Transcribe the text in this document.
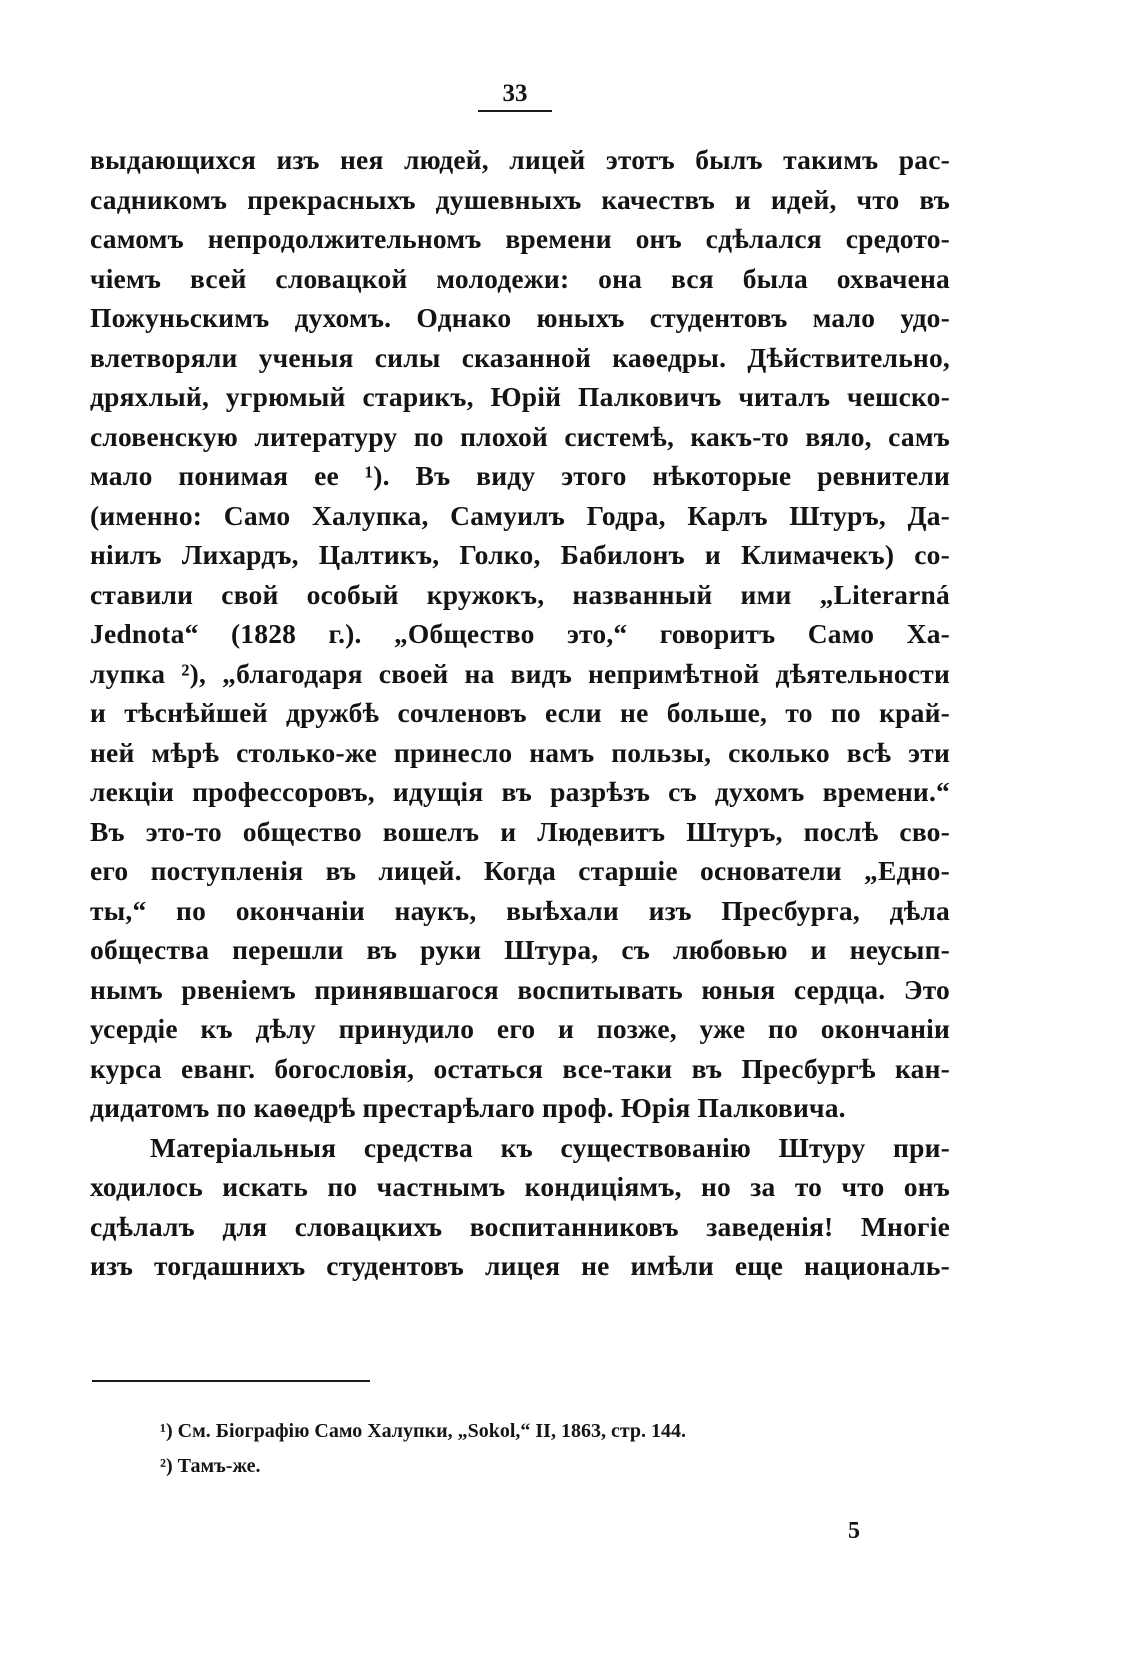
33
выдающихся изъ нея людей, лицей этотъ былъ такимъ рас-
садникомъ прекрасныхъ душевныхъ качествъ и идей, что въ
самомъ непродолжительномъ времени онъ сдѣлался средото-
чіемъ всей словацкой молодежи: она вся была охвачена
Пожуньскимъ духомъ. Однако юныхъ студентовъ мало удо-
влетворяли ученыя силы сказанной каѳедры. Дѣйствительно,
дряхлый, угрюмый старикъ, Юрій Палковичъ читалъ чешско-
словенскую литературу по плохой системѣ, какъ-то вяло, самъ
мало понимая ее ¹). Въ виду этого нѣкоторые ревнители
(именно: Само Халупка, Самуилъ Годра, Карлъ Штуръ, Да-
ніилъ Лихардъ, Цалтикъ, Голко, Бабилонъ и Климачекъ) со-
ставили свой особый кружокъ, названный ими „Literarná
Jednota“ (1828 г.). „Общество это,“ говоритъ Само Ха-
лупка ²), „благодаря своей на видъ непримѣтной дѣятельности
и тѣснѣйшей дружбѣ сочленовъ если не больше, то по край-
ней мѣрѣ столько-же принесло намъ пользы, сколько всѣ эти
лекціи профессоровъ, идущія въ разрѣзъ съ духомъ времени.“
Въ это-то общество вошелъ и Людевитъ Штуръ, послѣ сво-
его поступленія въ лицей. Когда старшіе основатели „Едно-
ты,“ по окончаніи наукъ, выѣхали изъ Пресбурга, дѣла
общества перешли въ руки Штура, съ любовью и неусып-
нымъ рвеніемъ принявшагося воспитывать юныя сердца. Это
усердіе къ дѣлу принудило его и позже, уже по окончаніи
курса еванг. богословія, остаться все-таки въ Пресбургѣ кан-
дидатомъ по каѳедрѣ престарѣлаго проф. Юрія Палковича.
Матеріальныя средства къ существованію Штуру при-
ходилось искать по частнымъ кондиціямъ, но за то что онъ
сдѣлалъ для словацкихъ воспитанниковъ заведенія! Многіе
изъ тогдашнихъ студентовъ лицея не имѣли еще националь-
¹) См. Біографію Само Халупки, „Sokol,“ II, 1863, стр. 144.
²) Тамъ-же.
5
